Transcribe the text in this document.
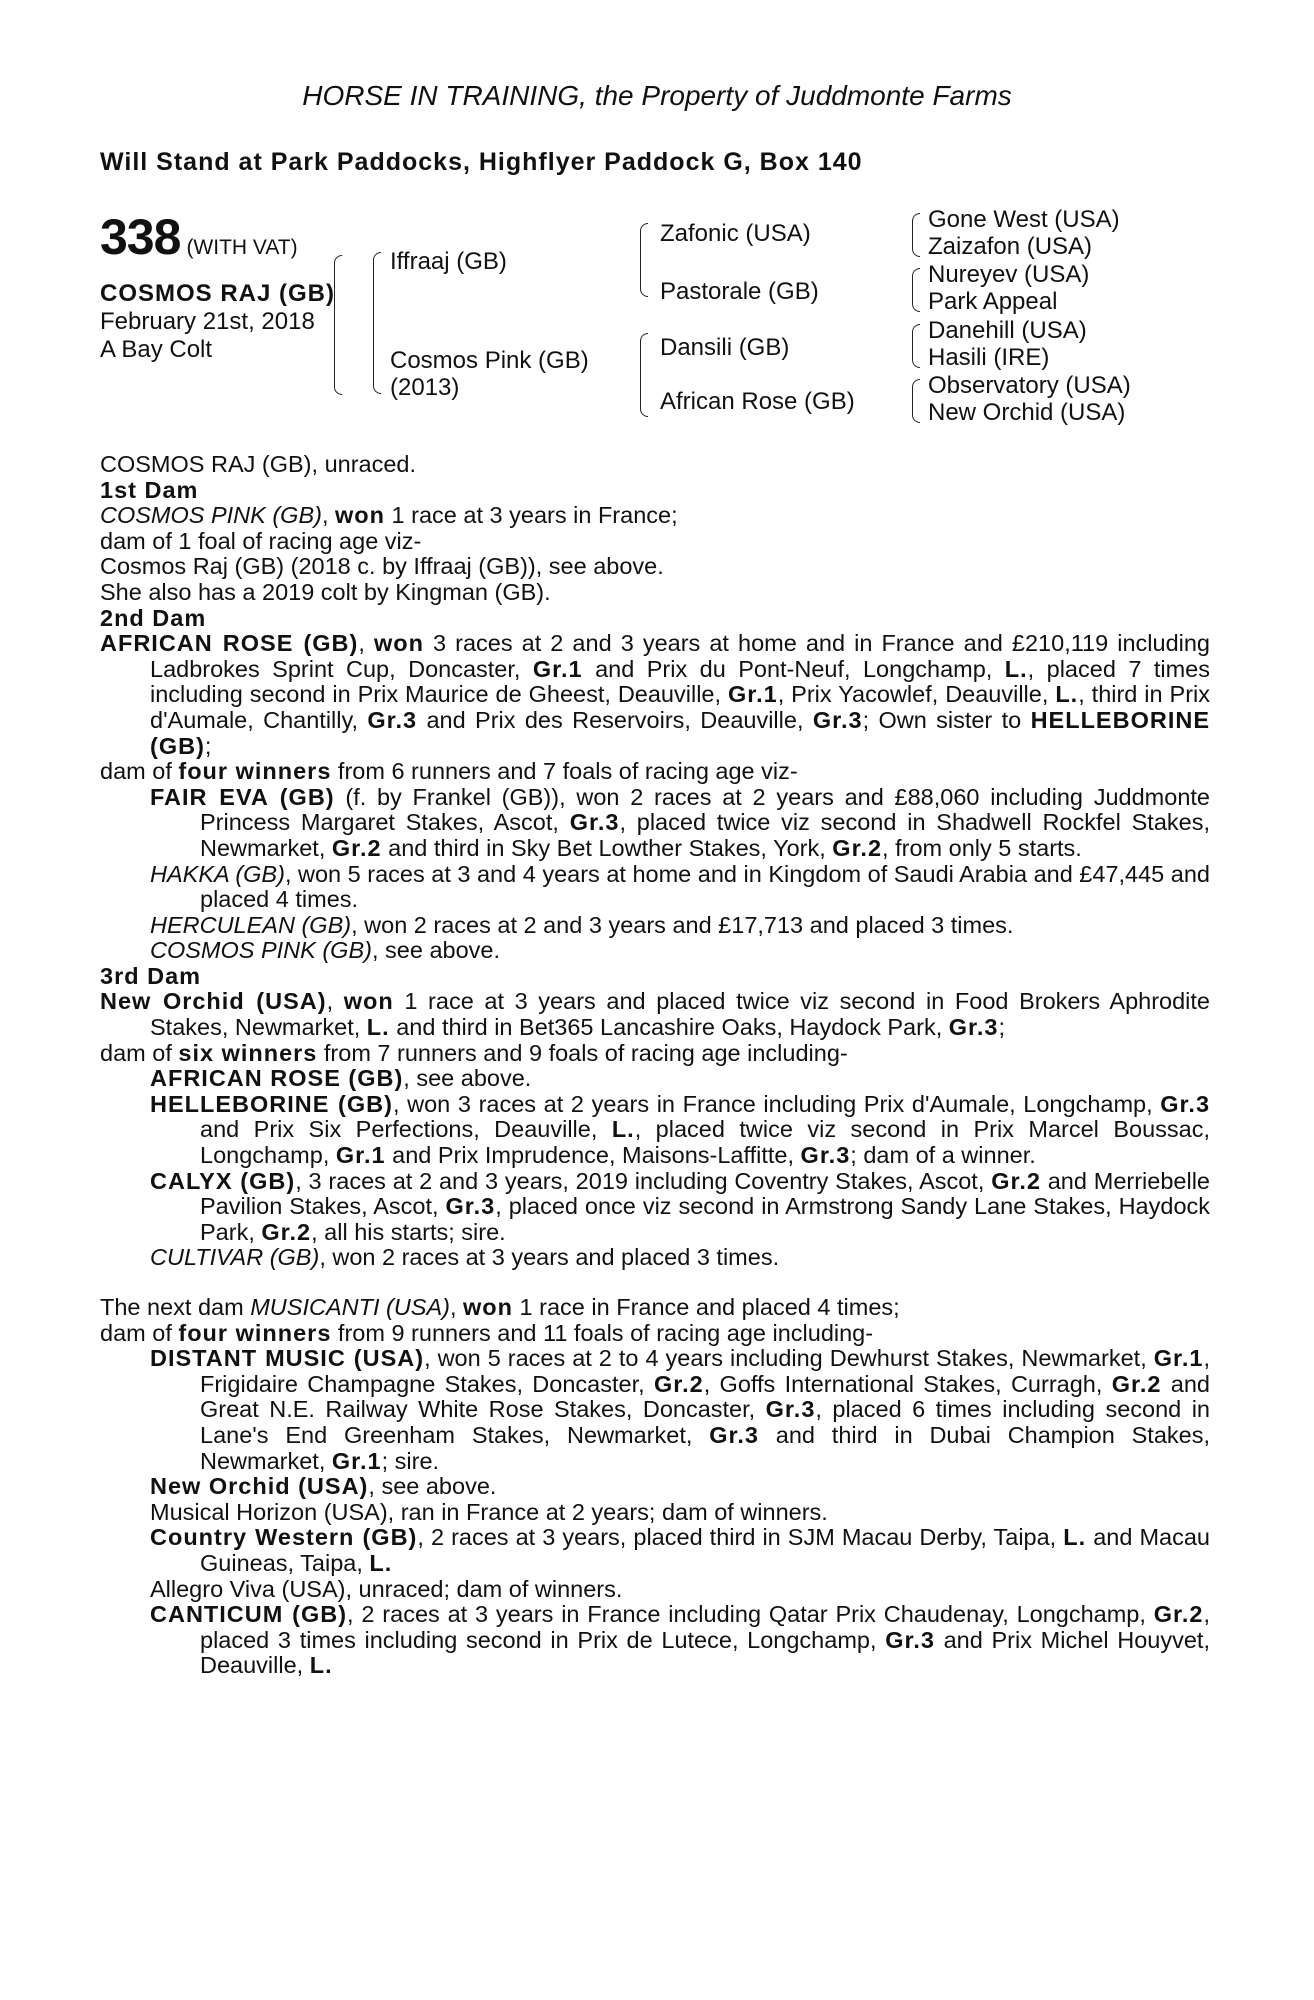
HORSE IN TRAINING, the Property of Juddmonte Farms
Will Stand at Park Paddocks, Highflyer Paddock G, Box 140
338 (WITH VAT)
COSMOS RAJ (GB)
February 21st, 2018
A Bay Colt
Iffraaj (GB)
Cosmos Pink (GB)
(2013)
Zafonic (USA)
Pastorale (GB)
Dansili (GB)
African Rose (GB)
Gone West (USA)
Zaizafon (USA)
Nureyev (USA)
Park Appeal
Danehill (USA)
Hasili (IRE)
Observatory (USA)
New Orchid (USA)

COSMOS RAJ (GB), unraced.

1st Dam

COSMOS PINK (GB), won 1 race at 3 years in France;

dam of 1 foal of racing age viz-

Cosmos Raj (GB) (2018 c. by Iffraaj (GB)), see above.

She also has a 2019 colt by Kingman (GB).

2nd Dam

AFRICAN ROSE (GB), won 3 races at 2 and 3 years at home and in France and £210,119 including Ladbrokes Sprint Cup, Doncaster, Gr.1 and Prix du Pont-Neuf, Longchamp, L., placed 7 times including second in Prix Maurice de Gheest, Deauville, Gr.1, Prix Yacowlef, Deauville, L., third in Prix d'Aumale, Chantilly, Gr.3 and Prix des Reservoirs, Deauville, Gr.3; Own sister to HELLEBORINE (GB);

dam of four winners from 6 runners and 7 foals of racing age viz-

FAIR EVA (GB) (f. by Frankel (GB)), won 2 races at 2 years and £88,060 including Juddmonte Princess Margaret Stakes, Ascot, Gr.3, placed twice viz second in Shadwell Rockfel Stakes, Newmarket, Gr.2 and third in Sky Bet Lowther Stakes, York, Gr.2, from only 5 starts.

HAKKA (GB), won 5 races at 3 and 4 years at home and in Kingdom of Saudi Arabia and £47,445 and placed 4 times.

HERCULEAN (GB), won 2 races at 2 and 3 years and £17,713 and placed 3 times.

COSMOS PINK (GB), see above.

3rd Dam

New Orchid (USA), won 1 race at 3 years and placed twice viz second in Food Brokers Aphrodite Stakes, Newmarket, L. and third in Bet365 Lancashire Oaks, Haydock Park, Gr.3;

dam of six winners from 7 runners and 9 foals of racing age including-

AFRICAN ROSE (GB), see above.

HELLEBORINE (GB), won 3 races at 2 years in France including Prix d'Aumale, Longchamp, Gr.3 and Prix Six Perfections, Deauville, L., placed twice viz second in Prix Marcel Boussac, Longchamp, Gr.1 and Prix Imprudence, Maisons-Laffitte, Gr.3; dam of a winner.

CALYX (GB), 3 races at 2 and 3 years, 2019 including Coventry Stakes, Ascot, Gr.2 and Merriebelle Pavilion Stakes, Ascot, Gr.3, placed once viz second in Armstrong Sandy Lane Stakes, Haydock Park, Gr.2, all his starts; sire.

CULTIVAR (GB), won 2 races at 3 years and placed 3 times.

The next dam MUSICANTI (USA), won 1 race in France and placed 4 times;

dam of four winners from 9 runners and 11 foals of racing age including-

DISTANT MUSIC (USA), won 5 races at 2 to 4 years including Dewhurst Stakes, Newmarket, Gr.1, Frigidaire Champagne Stakes, Doncaster, Gr.2, Goffs International Stakes, Curragh, Gr.2 and Great N.E. Railway White Rose Stakes, Doncaster, Gr.3, placed 6 times including second in Lane's End Greenham Stakes, Newmarket, Gr.3 and third in Dubai Champion Stakes, Newmarket, Gr.1; sire.

New Orchid (USA), see above.

Musical Horizon (USA), ran in France at 2 years; dam of winners.

Country Western (GB), 2 races at 3 years, placed third in SJM Macau Derby, Taipa, L. and Macau Guineas, Taipa, L.

Allegro Viva (USA), unraced; dam of winners.

CANTICUM (GB), 2 races at 3 years in France including Qatar Prix Chaudenay, Longchamp, Gr.2, placed 3 times including second in Prix de Lutece, Longchamp, Gr.3 and Prix Michel Houyvet, Deauville, L.
